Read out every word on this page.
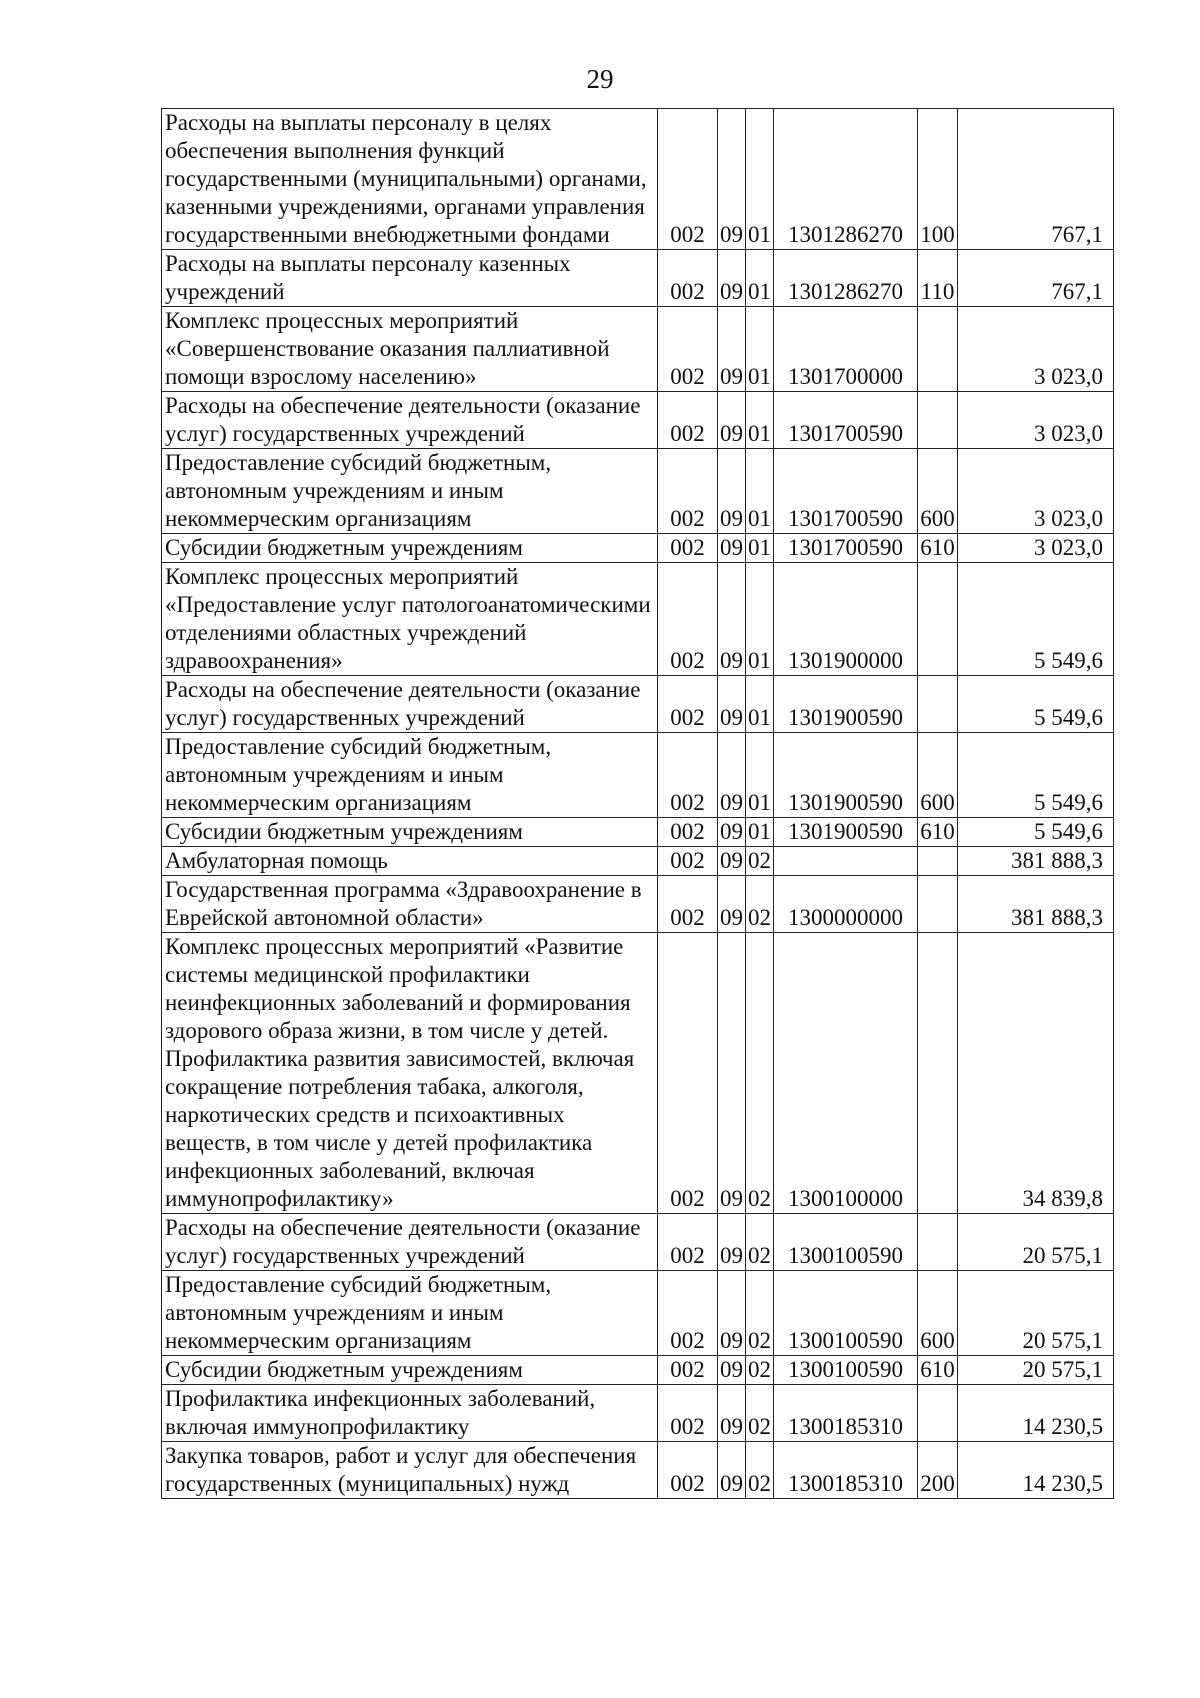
29
Расходы на выплаты персоналу в целях обеспечения выполнения функций государственными (муниципальными) органами, казенными учреждениями, органами управления государственными внебюджетными фондами	002	09	01	1301286270	100	767,1
Расходы на выплаты персоналу казенных учреждений	002	09	01	1301286270	110	767,1
Комплекс процессных мероприятий «Совершенствование оказания паллиативной помощи взрослому населению»	002	09	01	1301700000		3 023,0
Расходы на обеспечение деятельности (оказание услуг) государственных учреждений	002	09	01	1301700590		3 023,0
Предоставление субсидий бюджетным, автономным учреждениям и иным некоммерческим организациям	002	09	01	1301700590	600	3 023,0
Субсидии бюджетным учреждениям	002	09	01	1301700590	610	3 023,0
Комплекс процессных мероприятий «Предоставление услуг патологоанатомическими отделениями областных учреждений здравоохранения»	002	09	01	1301900000		5 549,6
Расходы на обеспечение деятельности (оказание услуг) государственных учреждений	002	09	01	1301900590		5 549,6
Предоставление субсидий бюджетным, автономным учреждениям и иным некоммерческим организациям	002	09	01	1301900590	600	5 549,6
Субсидии бюджетным учреждениям	002	09	01	1301900590	610	5 549,6
Амбулаторная помощь	002	09	02			381 888,3
Государственная программа «Здравоохранение в Еврейской автономной области»	002	09	02	1300000000		381 888,3
Комплекс процессных мероприятий «Развитие системы медицинской профилактики неинфекционных заболеваний и формирования здорового образа жизни, в том числе у детей. Профилактика развития зависимостей, включая сокращение потребления табака, алкоголя, наркотических средств и психоактивных веществ, в том числе у детей профилактика инфекционных заболеваний, включая иммунопрофилактику»	002	09	02	1300100000		34 839,8
Расходы на обеспечение деятельности (оказание услуг) государственных учреждений	002	09	02	1300100590		20 575,1
Предоставление субсидий бюджетным, автономным учреждениям и иным некоммерческим организациям	002	09	02	1300100590	600	20 575,1
Субсидии бюджетным учреждениям	002	09	02	1300100590	610	20 575,1
Профилактика инфекционных заболеваний, включая иммунопрофилактику	002	09	02	1300185310		14 230,5
Закупка товаров, работ и услуг для обеспечения государственных (муниципальных) нужд	002	09	02	1300185310	200	14 230,5
